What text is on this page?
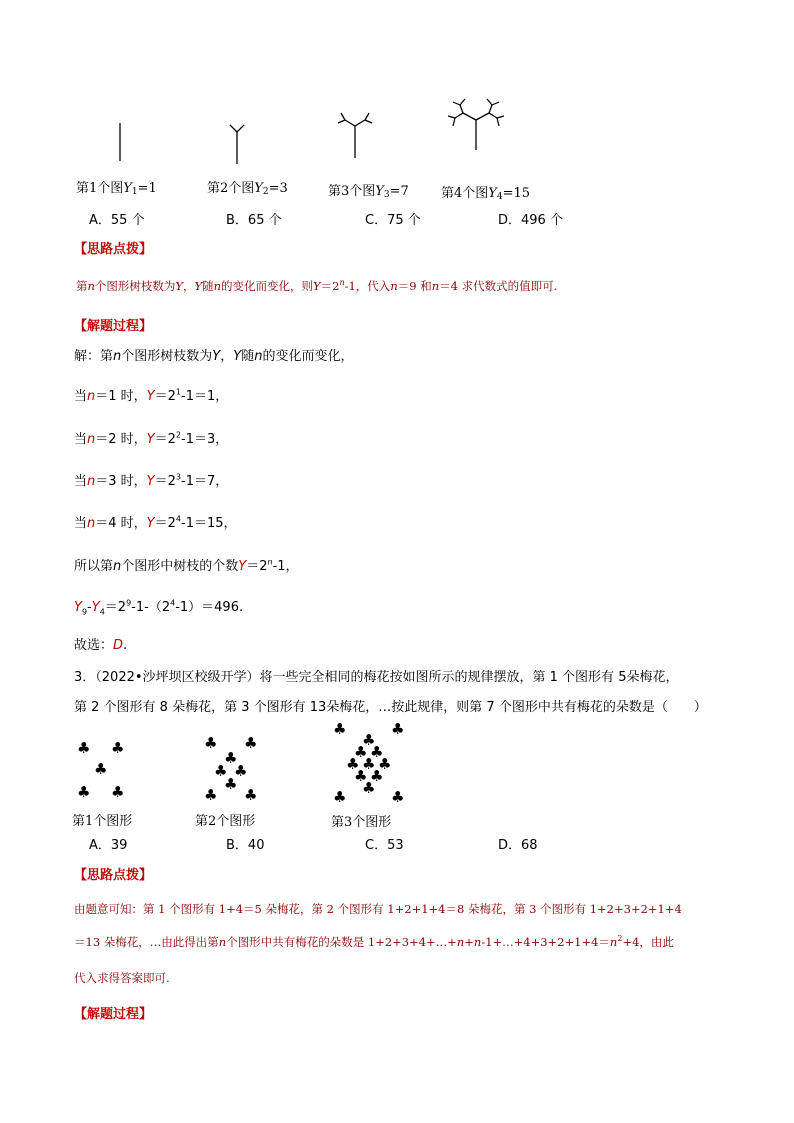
第1个图$Y_1=1$	第2个图$Y_2=3$	第3个图$Y_3=7$ 第4个图$Y_4=15$
A．55 个	B．65 个	C．75 个	D．496 个
【思路点拨】
第n个图形树枝数为Y，Y随n的变化而变化，则$Y=2^n-1$，代入n＝9 和n＝4 求代数式的值即可.
【解题过程】
解：第n个图形树枝数为Y，Y随n的变化而变化，
当n＝1 时，$Y=2^1-1=1$，
当n＝2 时，$Y=2^2-1=3$，
当n＝3 时，$Y=2^3-1=7$，
当n＝4 时，$Y=2^4-1=15$，
所以第n个图形中树枝的个数$Y=2^n-1$，
$Y_9-Y_4=2^9-1-(2^4-1)=496$.
故选：D.
3．（2022•沙坪坝区校级开学）将一些完全相同的梅花按如图所示的规律摆放，第 1 个图形有 5朵梅花，
第 2 个图形有 8 朵梅花，第 3 个图形有 13朵梅花，…按此规律，则第 7 个图形中共有梅花的朵数是（　　）
♣ ♣
♣
♣ ♣
♣ ♣
♣
♣ ♣
♣
♣ ♣
♣	♣
♣
♣ ♣
♣ ♣ ♣
♣ ♣
♣
♣	♣
第1个图形	第2个图形	第3个图形
A．39	B．40	C．53	D．68
【思路点拨】
由题意可知：第 1 个图形有 1+4＝5 朵梅花，第 2 个图形有 1+2+1+4＝8 朵梅花，第 3 个图形有 1+2+3+2+1+4
＝13 朵梅花，…由此得出第n个图形中共有梅花的朵数是 $1+2+3+4+\dots+n+n-1+\dots+4+3+2+1+4=n^2+4$，由此
代入求得答案即可.
【解题过程】
